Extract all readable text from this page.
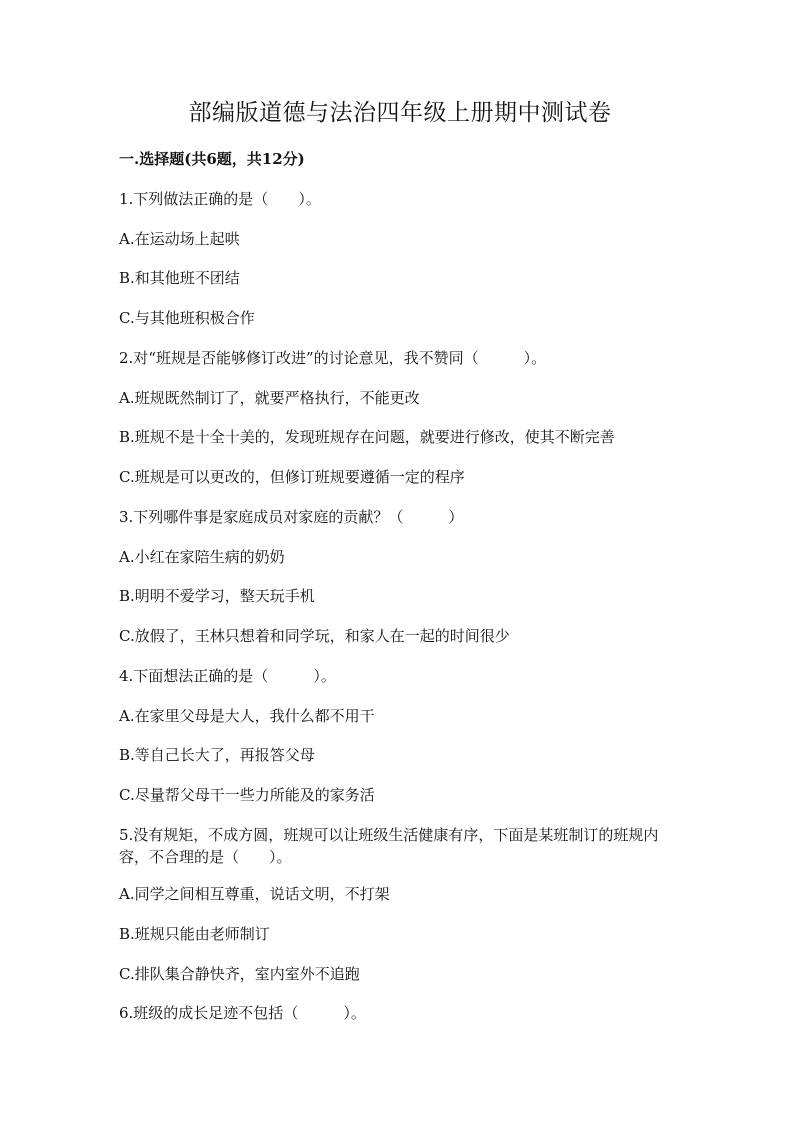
部编版道德与法治四年级上册期中测试卷

一.选择题(共6题，共12分)

1.下列做法正确的是（　　）。

A.在运动场上起哄

B.和其他班不团结

C.与其他班积极合作

2.对“班规是否能够修订改进”的讨论意见，我不赞同（　　　）。

A.班规既然制订了，就要严格执行，不能更改

B.班规不是十全十美的，发现班规存在问题，就要进行修改，使其不断完善

C.班规是可以更改的，但修订班规要遵循一定的程序

3.下列哪件事是家庭成员对家庭的贡献？（　　　）

A.小红在家陪生病的奶奶

B.明明不爱学习，整天玩手机

C.放假了，王林只想着和同学玩，和家人在一起的时间很少

4.下面想法正确的是（　　　）。

A.在家里父母是大人，我什么都不用干

B.等自己长大了，再报答父母

C.尽量帮父母干一些力所能及的家务活

5.没有规矩，不成方圆，班规可以让班级生活健康有序，下面是某班制订的班规内容，不合理的是（　　）。

A.同学之间相互尊重，说话文明，不打架

B.班规只能由老师制订

C.排队集合静快齐，室内室外不追跑

6.班级的成长足迹不包括（　　　）。
